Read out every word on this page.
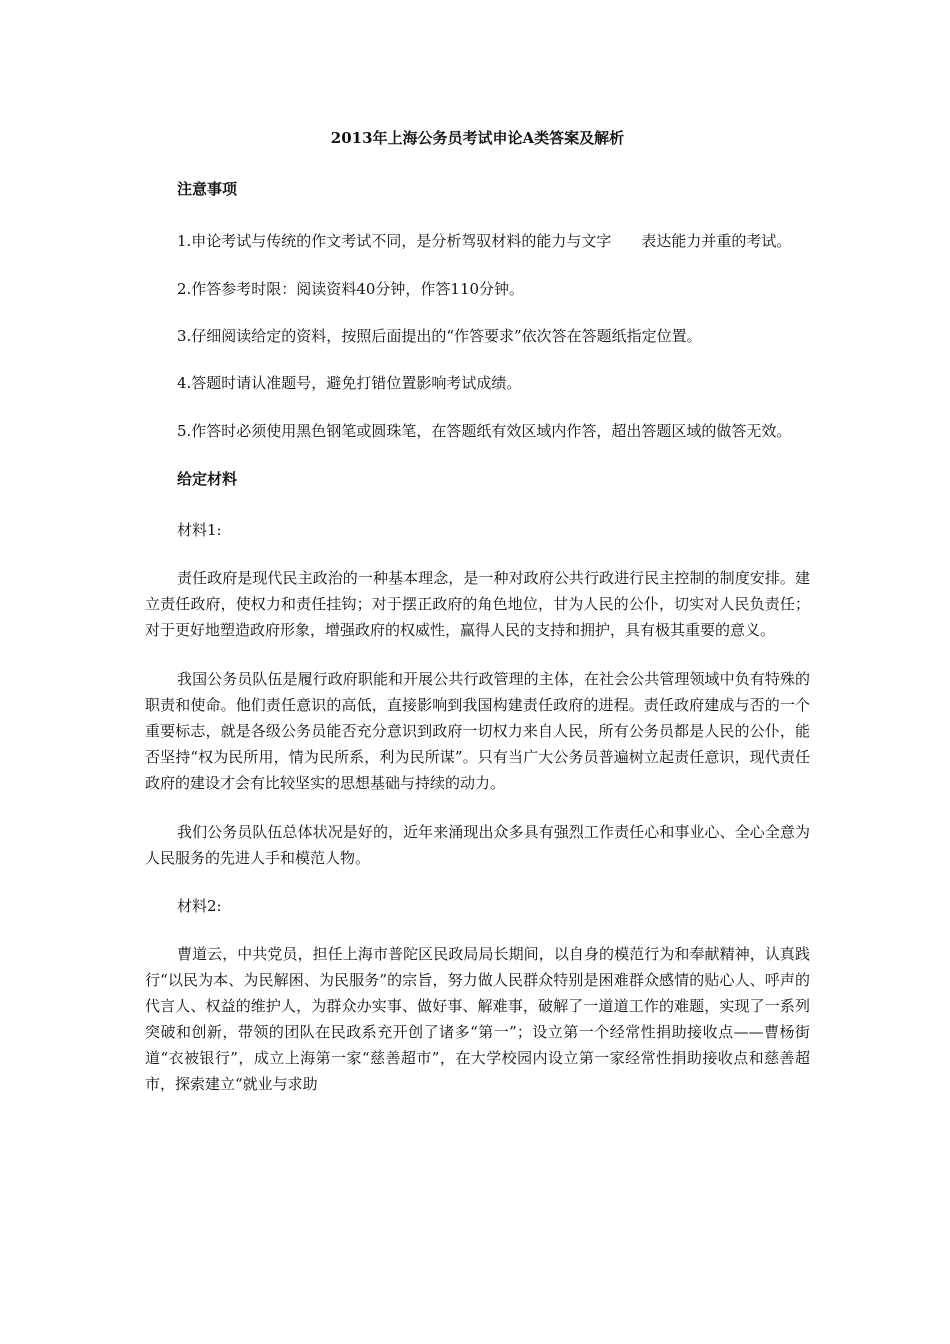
2013年上海公务员考试申论A类答案及解析
注意事项
1.申论考试与传统的作文考试不同，是分析驾驭材料的能力与文字　　表达能力并重的考试。
2.作答参考时限：阅读资料40分钟，作答110分钟。
3.仔细阅读给定的资料，按照后面提出的“作答要求”依次答在答题纸指定位置。
4.答题时请认准题号，避免打错位置影响考试成绩。
5.作答时必须使用黑色钢笔或圆珠笔，在答题纸有效区域内作答，超出答题区域的做答无效。
给定材料
材料1:
责任政府是现代民主政治的一种基本理念，是一种对政府公共行政进行民主控制的制度安排。建立责任政府，使权力和责任挂钩；对于摆正政府的角色地位，甘为人民的公仆，切实对人民负责任；对于更好地塑造政府形象，增强政府的权威性，赢得人民的支持和拥护，具有极其重要的意义。
我国公务员队伍是履行政府职能和开展公共行政管理的主体，在社会公共管理领域中负有特殊的职责和使命。他们责任意识的高低，直接影响到我国构建责任政府的进程。责任政府建成与否的一个重要标志，就是各级公务员能否充分意识到政府一切权力来自人民，所有公务员都是人民的公仆，能否坚持“权为民所用，情为民所系，利为民所谋”。只有当广大公务员普遍树立起责任意识，现代责任政府的建设才会有比较坚实的思想基础与持续的动力。
我们公务员队伍总体状况是好的，近年来涌现出众多具有强烈工作责任心和事业心、全心全意为人民服务的先进人手和模范人物。
材料2:
曹道云，中共党员，担任上海市普陀区民政局局长期间，以自身的模范行为和奉献精神，认真践行“以民为本、为民解困、为民服务”的宗旨，努力做人民群众特别是困难群众感情的贴心人、呼声的代言人、权益的维护人，为群众办实事、做好事、解难事，破解了一道道工作的难题，实现了一系列突破和创新，带领的团队在民政系充开创了诸多“第一”；设立第一个经常性捐助接收点——曹杨街道“衣被银行”，成立上海第一家“慈善超市”，在大学校园内设立第一家经常性捐助接收点和慈善超市，探索建立“就业与求助
